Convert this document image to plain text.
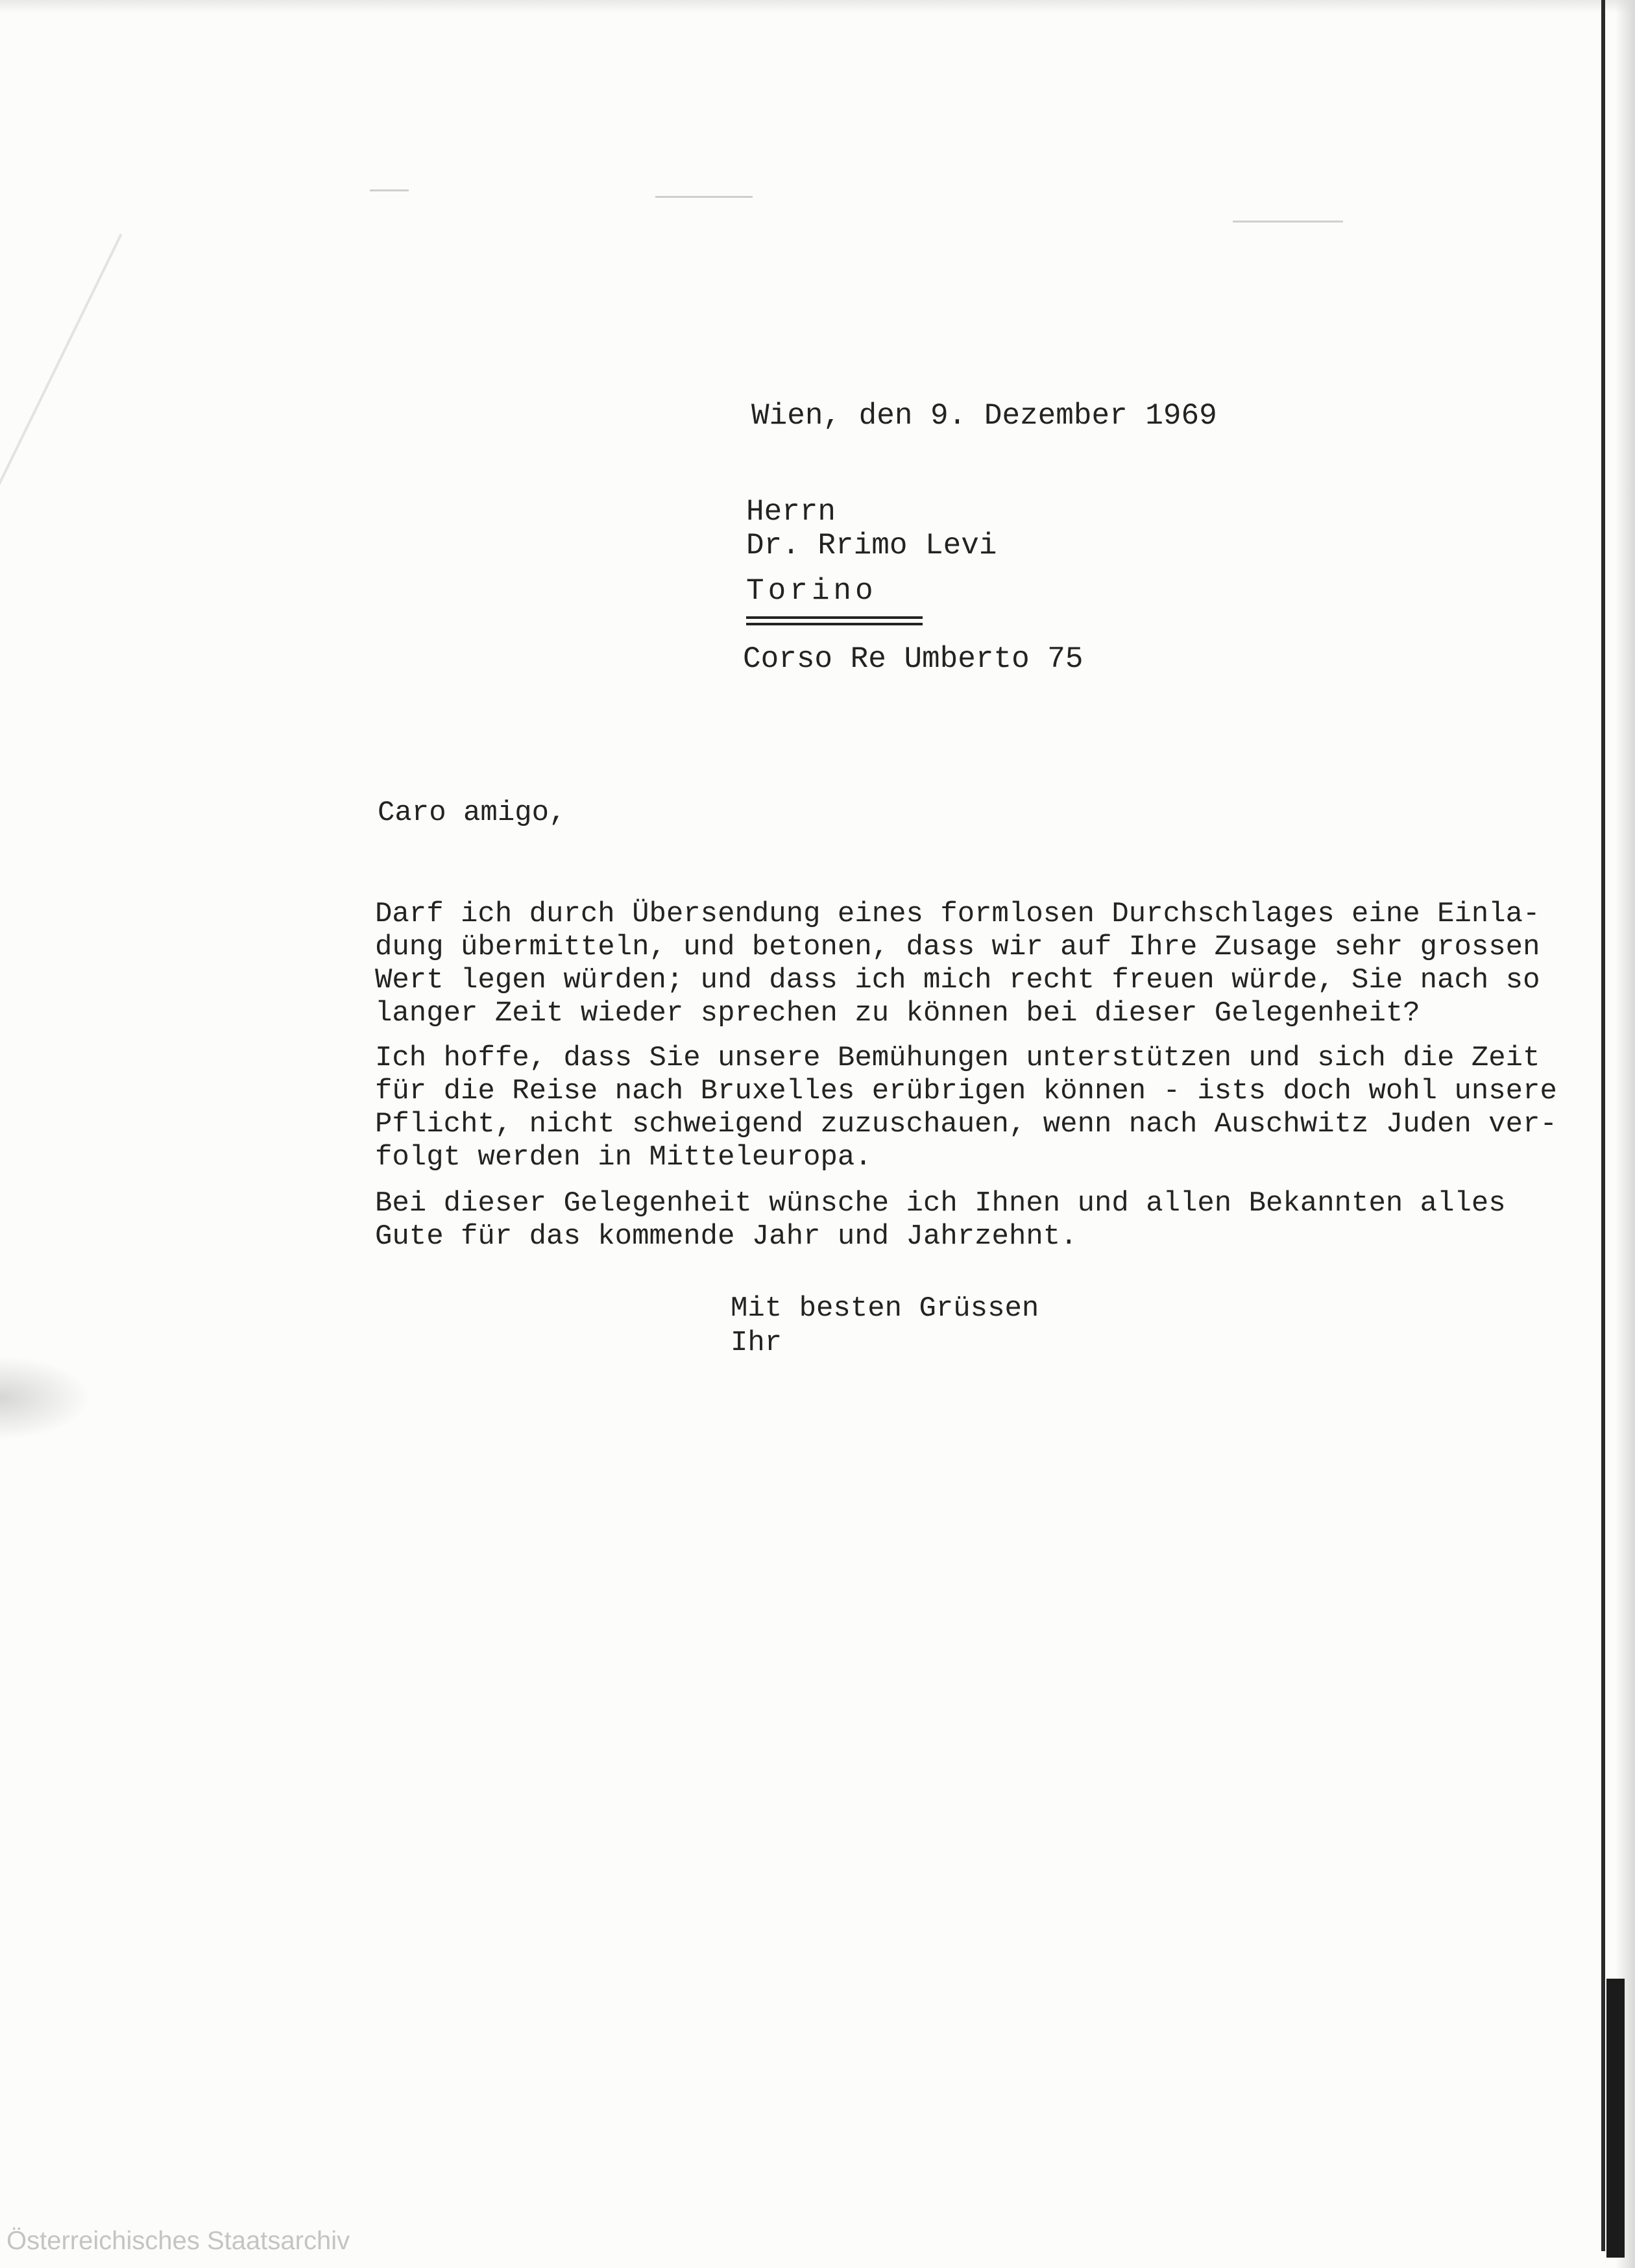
Wien, den 9. Dezember 1969
Herrn
Dr. Rrimo Levi
Torino
Corso Re Umberto 75
Caro amigo,
Darf ich durch Übersendung eines formlosen Durchschlages eine Einla-
dung übermitteln, und betonen, dass wir auf Ihre Zusage sehr grossen
Wert legen würden; und dass ich mich recht freuen würde, Sie nach so
langer Zeit wieder sprechen zu können bei dieser Gelegenheit?
Ich hoffe, dass Sie unsere Bemühungen unterstützen und sich die Zeit
für die Reise nach Bruxelles erübrigen können - ists doch wohl unsere
Pflicht, nicht schweigend zuzuschauen, wenn nach Auschwitz Juden ver-
folgt werden in Mitteleuropa.
Bei dieser Gelegenheit wünsche ich Ihnen und allen Bekannten alles
Gute für das kommende Jahr und Jahrzehnt.
Mit besten Grüssen
Ihr
Österreichisches Staatsarchiv
